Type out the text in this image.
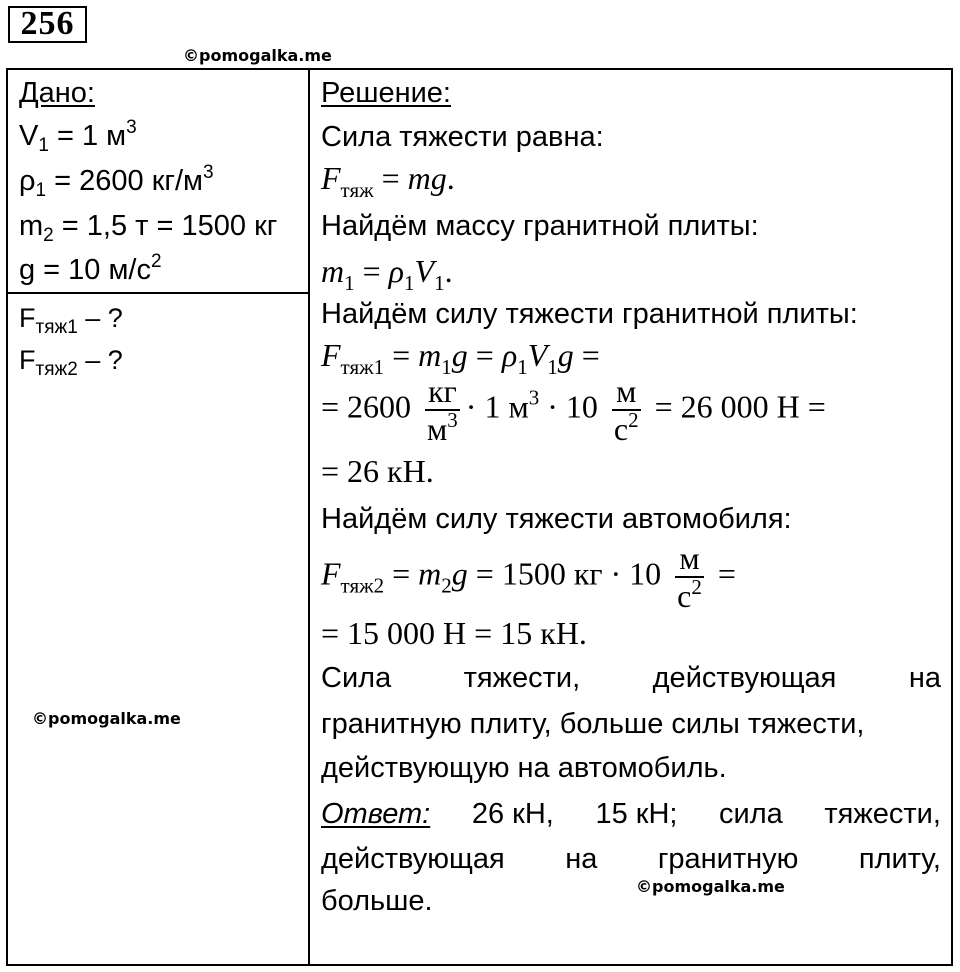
256
©pomogalka.me
Дано:
$V_1 = 1$ $м^3$
$\rho_1 = 2600$ $кг/м^3$
$m_2 = 1,5$ т = 1500 кг
g = 10 $м/с^2$
$F_{тяж1}$ – ?
$F_{тяж2}$ – ?
©pomogalka.me
Решение:
Сила тяжести равна:
$F_{тяж}$ = mg.
Найдём массу гранитной плиты:
$m_1 = \rho_1V_1$.
Найдём силу тяжести гранитной плиты:
$F_{тяж1} = m_1g = \rho_1V_1g$ =
= $2600 \frac{кг}{м^3} \cdot 1$ $м^3 \cdot 10 \frac{м}{с^2} = 26$ 000 Н =
= 26 кН.
Найдём силу тяжести автомобиля:
$F_{тяж2} = m_2g = 1500$ кг · $10 \frac{м}{с^2}$ =
= 15 000 Н = 15 кН.
Сила тяжести, действующая на
гранитную плиту, больше силы тяжести,
действующую на автомобиль.
Ответ: 26 кН, 15 кН; сила тяжести,
действующая на гранитную плиту,
больше.	©pomogalka.me
